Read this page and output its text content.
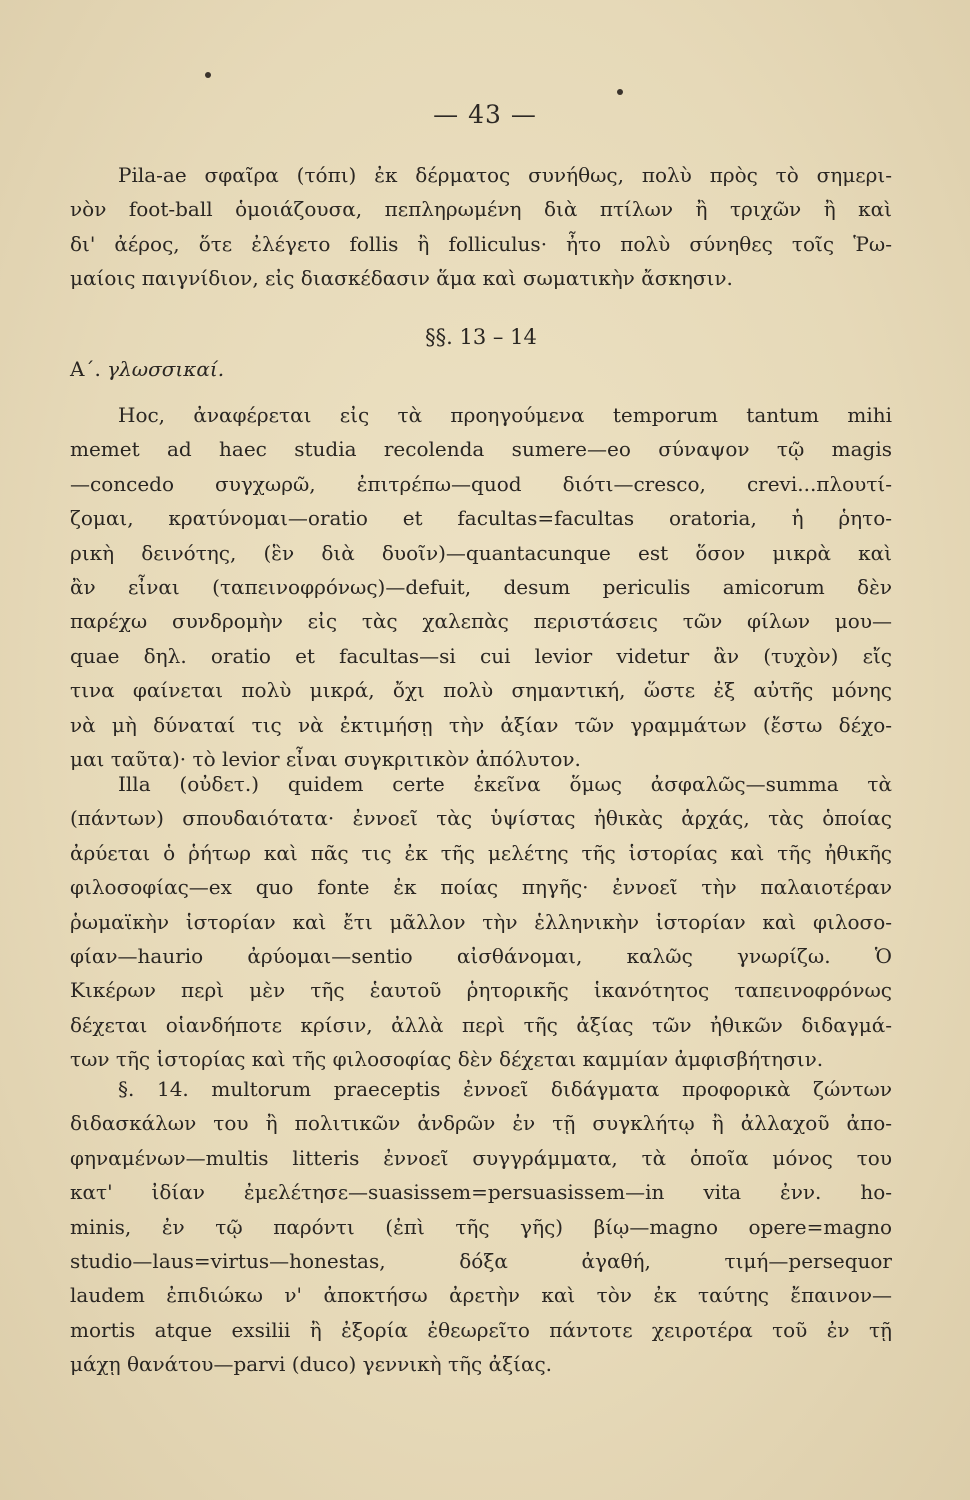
— 43 —
Pila-ae σφαῖρα (τόπι) ἐκ δέρματος συνήθως, πολὺ πρὸς τὸ σημερι-
νὸν foot-ball ὁμοιάζουσα, πεπληρωμένη διὰ πτίλων ἢ τριχῶν ἢ καὶ
δι' ἀέρος, ὅτε ἐλέγετο follis ἢ folliculus· ἦτο πολὺ σύνηθες τοῖς Ῥω-
μαίοις παιγνίδιον, εἰς διασκέδασιν ἅμα καὶ σωματικὴν ἄσκησιν.
§§. 13 – 14
Α΄. γλωσσικαί.
Hoc, ἀναφέρεται εἰς τὰ προηγούμενα temporum tantum mihi
memet ad haec studia recolenda sumere—eo σύναψον τῷ magis
—concedo συγχωρῶ, ἐπιτρέπω—quod διότι—cresco, crevi...πλουτί-
ζομαι, κρατύνομαι—oratio et facultas=facultas oratoria, ἡ ῥητο-
ρικὴ δεινότης, (ἓν διὰ δυοῖν)—quantacunque est ὅσον μικρὰ καὶ
ἂν εἶναι (ταπεινοφρόνως)—defuit, desum periculis amicorum δὲν
παρέχω συνδρομὴν εἰς τὰς χαλεπὰς περιστάσεις τῶν φίλων μου—
quae δηλ. oratio et facultas—si cui levior videtur ἂν (τυχὸν) εἴς
τινα φαίνεται πολὺ μικρά, ὄχι πολὺ σημαντική, ὥστε ἐξ αὐτῆς μόνης
νὰ μὴ δύναταί τις νὰ ἐκτιμήσῃ τὴν ἀξίαν τῶν γραμμάτων (ἔστω δέχο-
μαι ταῦτα)· τὸ levior εἶναι συγκριτικὸν ἀπόλυτον.
Illa (οὐδετ.) quidem certe ἐκεῖνα ὅμως ἀσφαλῶς—summa τὰ
(πάντων) σπουδαιότατα· ἐννοεῖ τὰς ὑψίστας ἠθικὰς ἀρχάς, τὰς ὁποίας
ἀρύεται ὁ ῥήτωρ καὶ πᾶς τις ἐκ τῆς μελέτης τῆς ἱστορίας καὶ τῆς ἠθικῆς
φιλοσοφίας—ex quo fonte ἐκ ποίας πηγῆς· ἐννοεῖ τὴν παλαιοτέραν
ῥωμαϊκὴν ἱστορίαν καὶ ἔτι μᾶλλον τὴν ἑλληνικὴν ἱστορίαν καὶ φιλοσο-
φίαν—haurio ἀρύομαι—sentio αἰσθάνομαι, καλῶς γνωρίζω. Ὁ
Κικέρων περὶ μὲν τῆς ἑαυτοῦ ῥητορικῆς ἱκανότητος ταπεινοφρόνως
δέχεται οἱανδήποτε κρίσιν, ἀλλὰ περὶ τῆς ἀξίας τῶν ἠθικῶν διδαγμά-
των τῆς ἱστορίας καὶ τῆς φιλοσοφίας δὲν δέχεται καμμίαν ἀμφισβήτησιν.
§. 14. multorum praeceptis ἐννοεῖ διδάγματα προφορικὰ ζώντων
διδασκάλων του ἢ πολιτικῶν ἀνδρῶν ἐν τῇ συγκλήτῳ ἢ ἀλλαχοῦ ἀπο-
φηναμένων—multis litteris ἐννοεῖ συγγράμματα, τὰ ὁποῖα μόνος του
κατ' ἰδίαν ἐμελέτησε—suasissem=persuasissem—in vita ἐνν. ho-
minis, ἐν τῷ παρόντι (ἐπὶ τῆς γῆς) βίῳ—magno opere=magno
studio—laus=virtus—honestas, δόξα ἀγαθή, τιμή—persequor
laudem ἐπιδιώκω ν' ἀποκτήσω ἀρετὴν καὶ τὸν ἐκ ταύτης ἔπαινον—
mortis atque exsilii ἢ ἐξορία ἐθεωρεῖτο πάντοτε χειροτέρα τοῦ ἐν τῇ
μάχῃ θανάτου—parvi (duco) γεννικὴ τῆς ἀξίας.
